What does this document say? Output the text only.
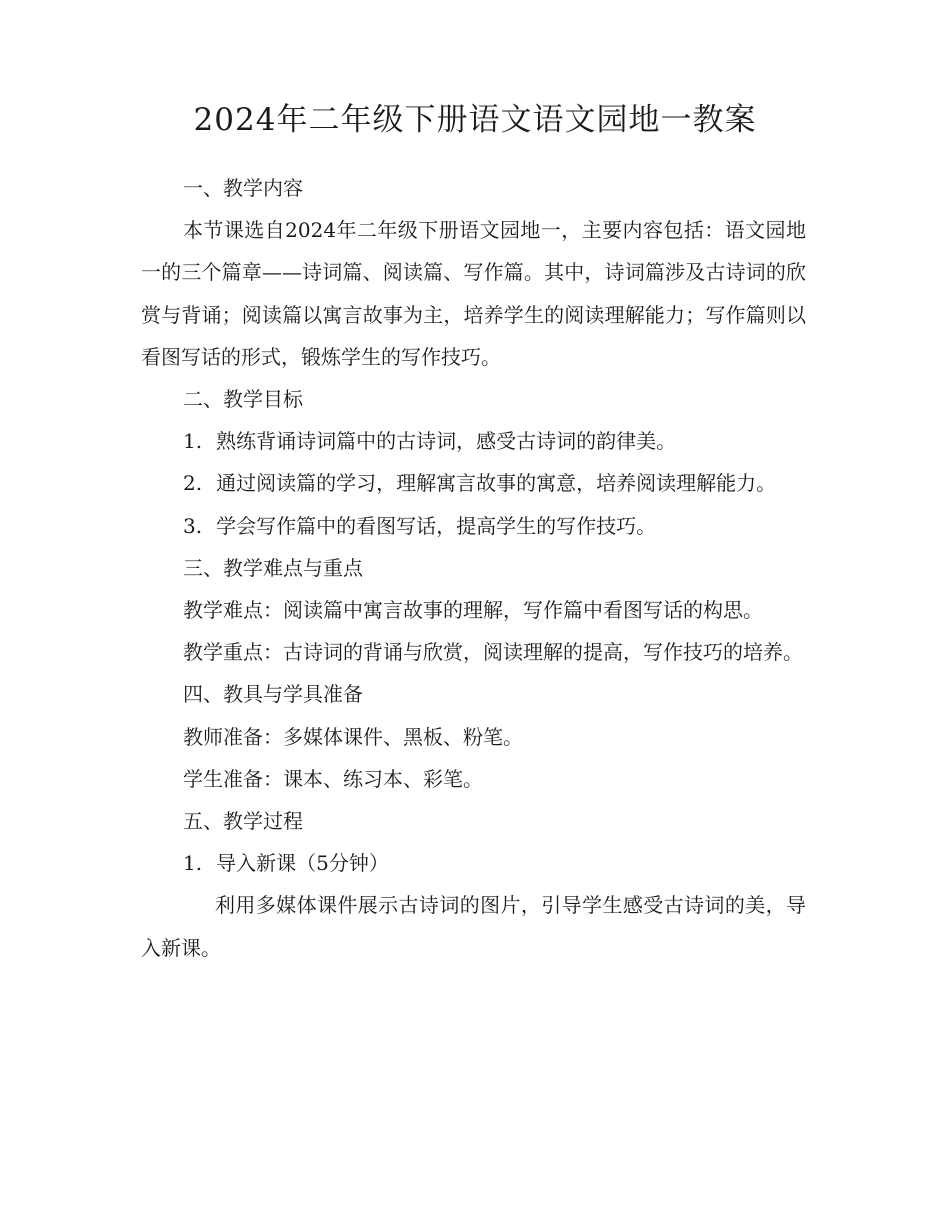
2024年二年级下册语文语文园地一教案

一、教学内容

本节课选自2024年二年级下册语文园地一，主要内容包括：语文园地一的三个篇章——诗词篇、阅读篇、写作篇。其中，诗词篇涉及古诗词的欣赏与背诵；阅读篇以寓言故事为主，培养学生的阅读理解能力；写作篇则以看图写话的形式，锻炼学生的写作技巧。

二、教学目标

1. 熟练背诵诗词篇中的古诗词，感受古诗词的韵律美。

2. 通过阅读篇的学习，理解寓言故事的寓意，培养阅读理解能力。

3. 学会写作篇中的看图写话，提高学生的写作技巧。

三、教学难点与重点

教学难点：阅读篇中寓言故事的理解，写作篇中看图写话的构思。

教学重点：古诗词的背诵与欣赏，阅读理解的提高，写作技巧的培养。

四、教具与学具准备

教师准备：多媒体课件、黑板、粉笔。

学生准备：课本、练习本、彩笔。

五、教学过程

1. 导入新课（5分钟）

利用多媒体课件展示古诗词的图片，引导学生感受古诗词的美，导入新课。
